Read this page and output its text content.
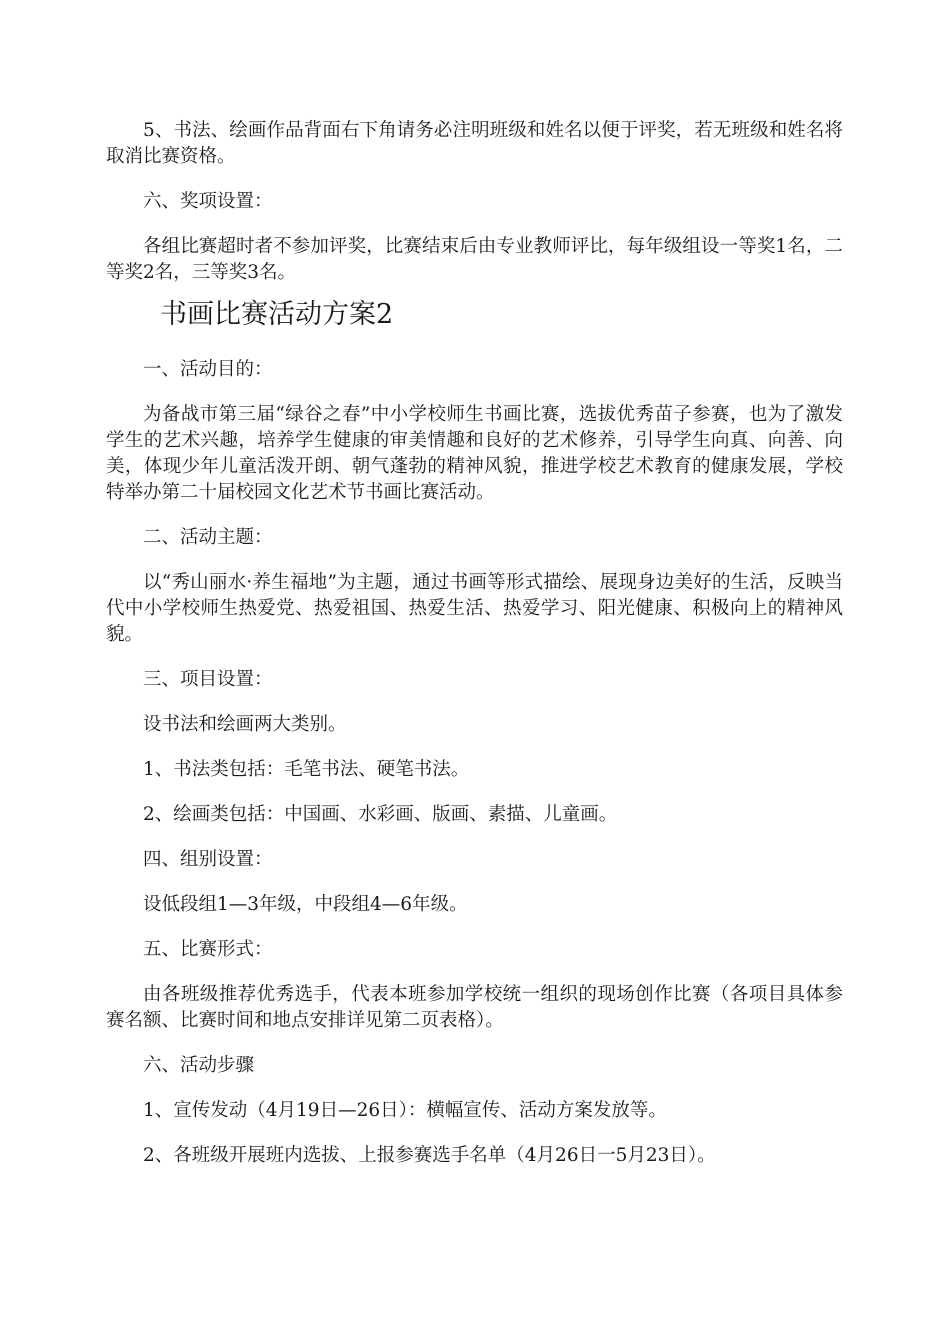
5、书法、绘画作品背面右下角请务必注明班级和姓名以便于评奖，若无班级和姓名将取消比赛资格。

六、奖项设置：

各组比赛超时者不参加评奖，比赛结束后由专业教师评比，每年级组设一等奖1名，二等奖2名，三等奖3名。

书画比赛活动方案2

一、活动目的：

为备战市第三届“绿谷之春”中小学校师生书画比赛，选拔优秀苗子参赛，也为了激发学生的艺术兴趣，培养学生健康的审美情趣和良好的艺术修养，引导学生向真、向善、向美，体现少年儿童活泼开朗、朝气蓬勃的精神风貌，推进学校艺术教育的健康发展，学校特举办第二十届校园文化艺术节书画比赛活动。

二、活动主题：

以“秀山丽水·养生福地”为主题，通过书画等形式描绘、展现身边美好的生活，反映当代中小学校师生热爱党、热爱祖国、热爱生活、热爱学习、阳光健康、积极向上的精神风貌。

三、项目设置：

设书法和绘画两大类别。

1、书法类包括：毛笔书法、硬笔书法。

2、绘画类包括：中国画、水彩画、版画、素描、儿童画。

四、组别设置：

设低段组1—3年级，中段组4—6年级。

五、比赛形式：

由各班级推荐优秀选手，代表本班参加学校统一组织的现场创作比赛（各项目具体参赛名额、比赛时间和地点安排详见第二页表格）。

六、活动步骤

1、宣传发动（4月19日—26日）：横幅宣传、活动方案发放等。

2、各班级开展班内选拔、上报参赛选手名单（4月26日一5月23日）。
